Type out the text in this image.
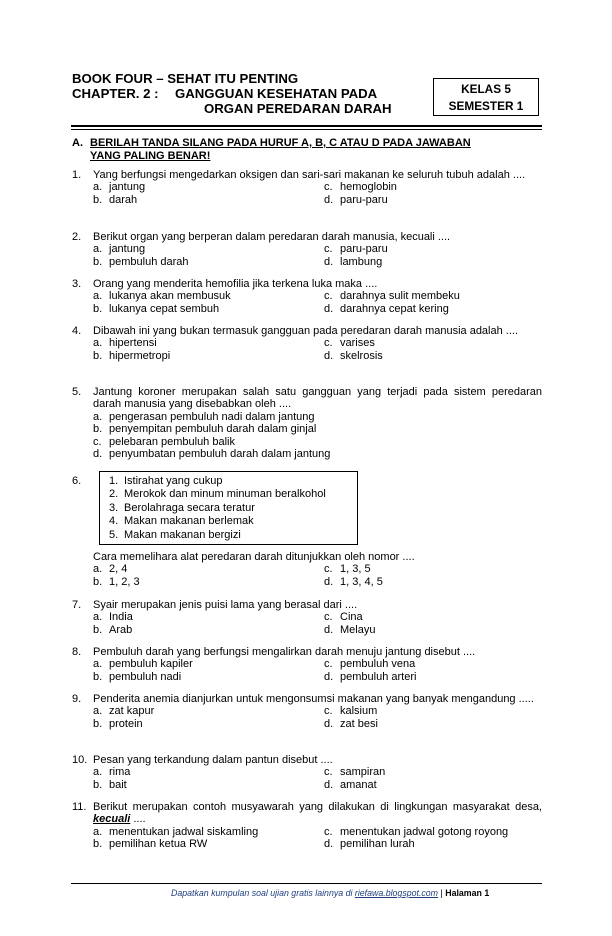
BOOK FOUR – SEHAT ITU PENTING
CHAPTER. 2 :	GANGGUAN KESEHATAN PADA
ORGAN PEREDARAN DARAH
KELAS 5
SEMESTER 1
A. BERILAH TANDA SILANG PADA HURUF A, B, C ATAU D PADA JAWABAN
YANG PALING BENAR!
1. Yang berfungsi mengedarkan oksigen dan sari-sari makanan ke seluruh tubuh adalah ....
a. jantung	c. hemoglobin
b. darah	d. paru-paru
2. Berikut organ yang berperan dalam peredaran darah manusia, kecuali ....
a. jantung	c. paru-paru
b. pembuluh darah	d. lambung
3. Orang yang menderita hemofilia jika terkena luka maka ....
a. lukanya akan membusuk	c. darahnya sulit membeku
b. lukanya cepat sembuh	d. darahnya cepat kering
4. Dibawah ini yang bukan termasuk gangguan pada peredaran darah manusia adalah ....
a. hipertensi	c. varises
b. hipermetropi	d. skelrosis
5. Jantung koroner merupakan salah satu gangguan yang terjadi pada sistem peredaran darah manusia yang disebabkan oleh ....
a. pengerasan pembuluh nadi dalam jantung
b. penyempitan pembuluh darah dalam ginjal
c. pelebaran pembuluh balik
d. penyumbatan pembuluh darah dalam jantung
6.	1. Istirahat yang cukup
2. Merokok dan minum minuman beralkohol
3. Berolahraga secara teratur
4. Makan makanan berlemak
5. Makan makanan bergizi
Cara memelihara alat peredaran darah ditunjukkan oleh nomor ....
a. 2, 4	c. 1, 3, 5
b. 1, 2, 3	d. 1, 3, 4, 5
7. Syair merupakan jenis puisi lama yang berasal dari ....
a. India	c. Cina
b. Arab	d. Melayu
8. Pembuluh darah yang berfungsi mengalirkan darah menuju jantung disebut ....
a. pembuluh kapiler	c. pembuluh vena
b. pembuluh nadi	d. pembuluh arteri
9. Penderita anemia dianjurkan untuk mengonsumsi makanan yang banyak mengandung .....
a. zat kapur	c. kalsium
b. protein	d. zat besi
10. Pesan yang terkandung dalam pantun disebut ....
a. rima	c. sampiran
b. bait	d. amanat
11. Berikut merupakan contoh musyawarah yang dilakukan di lingkungan masyarakat desa, kecuali ....
a. menentukan jadwal siskamling	c. menentukan jadwal gotong royong
b. pemilihan ketua RW	d. pemilihan lurah
Dapatkan kumpulan soal ujian gratis lainnya di riefawa.blogspot.com | Halaman 1
